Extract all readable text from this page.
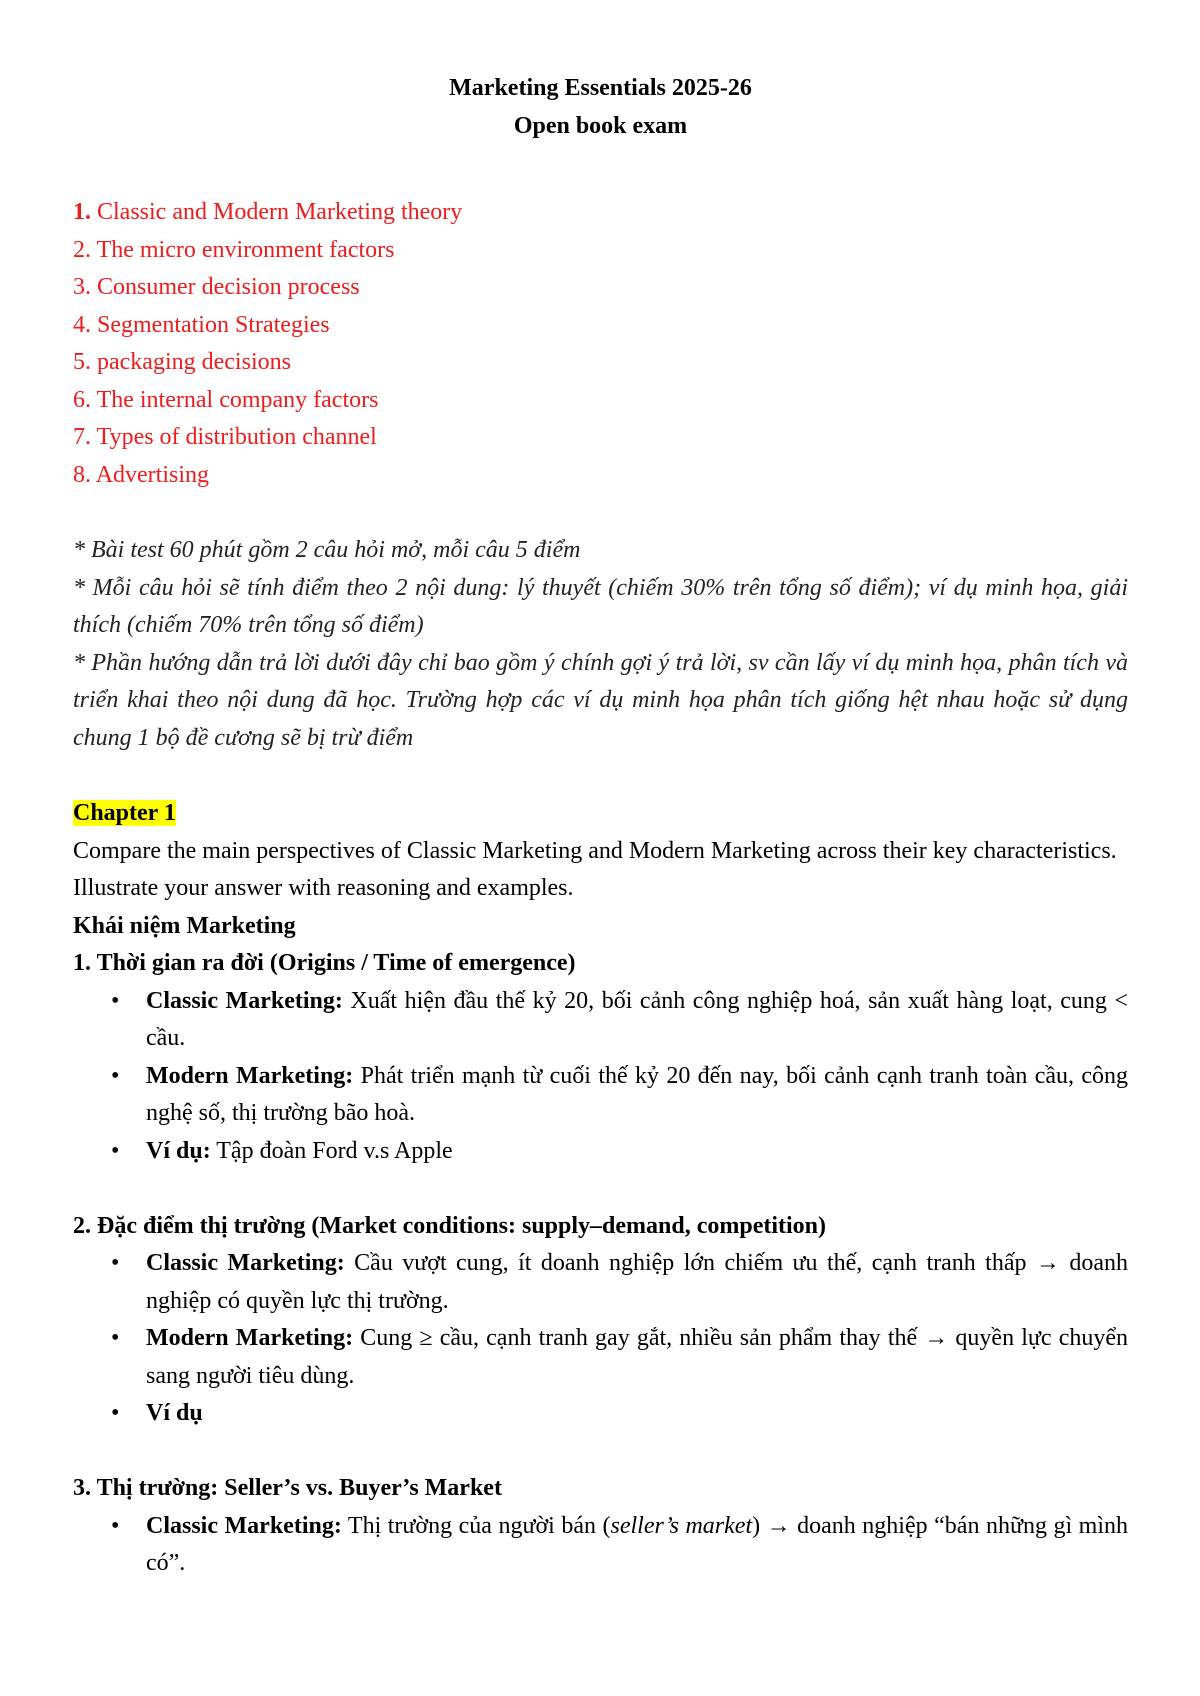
Marketing Essentials 2025-26
Open book exam
1. Classic and Modern Marketing theory
2. The micro environment factors
3. Consumer decision process
4. Segmentation Strategies
5. packaging decisions
6. The internal company factors
7. Types of distribution channel
8. Advertising

* Bài test 60 phút gồm 2 câu hỏi mở, mỗi câu 5 điểm

* Mỗi câu hỏi sẽ tính điểm theo 2 nội dung: lý thuyết (chiếm 30% trên tổng số điểm); ví dụ minh họa, giải thích (chiếm 70% trên tổng số điểm)

* Phần hướng dẫn trả lời dưới đây chỉ bao gồm ý chính gợi ý trả lời, sv cần lấy ví dụ minh họa, phân tích và triển khai theo nội dung đã học. Trường hợp các ví dụ minh họa phân tích giống hệt nhau hoặc sử dụng chung 1 bộ đề cương sẽ bị trừ điểm

Chapter 1

Compare the main perspectives of Classic Marketing and Modern Marketing across their key characteristics. Illustrate your answer with reasoning and examples.

Khái niệm Marketing
1. Thời gian ra đời (Origins / Time of emergence)
• Classic Marketing: Xuất hiện đầu thế kỷ 20, bối cảnh công nghiệp hoá, sản xuất hàng loạt, cung < cầu.
• Modern Marketing: Phát triển mạnh từ cuối thế kỷ 20 đến nay, bối cảnh cạnh tranh toàn cầu, công nghệ số, thị trường bão hoà.
• Ví dụ: Tập đoàn Ford v.s Apple
2. Đặc điểm thị trường (Market conditions: supply–demand, competition)
• Classic Marketing: Cầu vượt cung, ít doanh nghiệp lớn chiếm ưu thế, cạnh tranh thấp → doanh nghiệp có quyền lực thị trường.
• Modern Marketing: Cung ≥ cầu, cạnh tranh gay gắt, nhiều sản phẩm thay thế → quyền lực chuyển sang người tiêu dùng.
• Ví dụ
3. Thị trường: Seller’s vs. Buyer’s Market
• Classic Marketing: Thị trường của người bán (seller’s market) → doanh nghiệp “bán những gì mình có”.
